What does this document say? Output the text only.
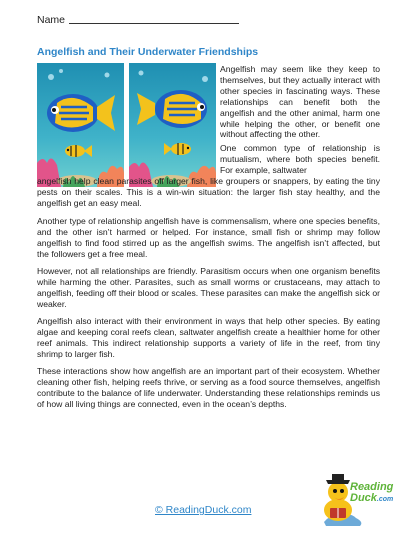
Name
Angelfish and Their Underwater Friendships

Angelfish may seem like they keep to themselves, but they actually interact with other species in fascinating ways. These relationships can benefit both the angelfish and the other animal, harm one while helping the other, or benefit one without affecting the other.

One common type of relationship is mutualism, where both species benefit. For example, saltwater

angelfish help clean parasites off larger fish, like groupers or snappers, by eating the tiny pests on their scales. This is a win-win situation: the larger fish stay healthy, and the angelfish get an easy meal.

Another type of relationship angelfish have is commensalism, where one species benefits, and the other isn’t harmed or helped. For instance, small fish or shrimp may follow angelfish to find food stirred up as the angelfish swims. The angelfish isn’t affected, but the followers get a free meal.

However, not all relationships are friendly. Parasitism occurs when one organism benefits while harming the other. Parasites, such as small worms or crustaceans, may attach to angelfish, feeding off their blood or scales. These parasites can make the angelfish sick or weaker.

Angelfish also interact with their environment in ways that help other species. By eating algae and keeping coral reefs clean, saltwater angelfish create a healthier home for other reef animals. This indirect relationship supports a variety of life in the reef, from tiny shrimp to larger fish.

These interactions show how angelfish are an important part of their ecosystem. Whether cleaning other fish, helping reefs thrive, or serving as a food source themselves, angelfish contribute to the balance of life underwater. Understanding these relationships reminds us of how all living things are connected, even in the ocean’s depths.

© ReadingDuck.com
Reading
Duck.com
